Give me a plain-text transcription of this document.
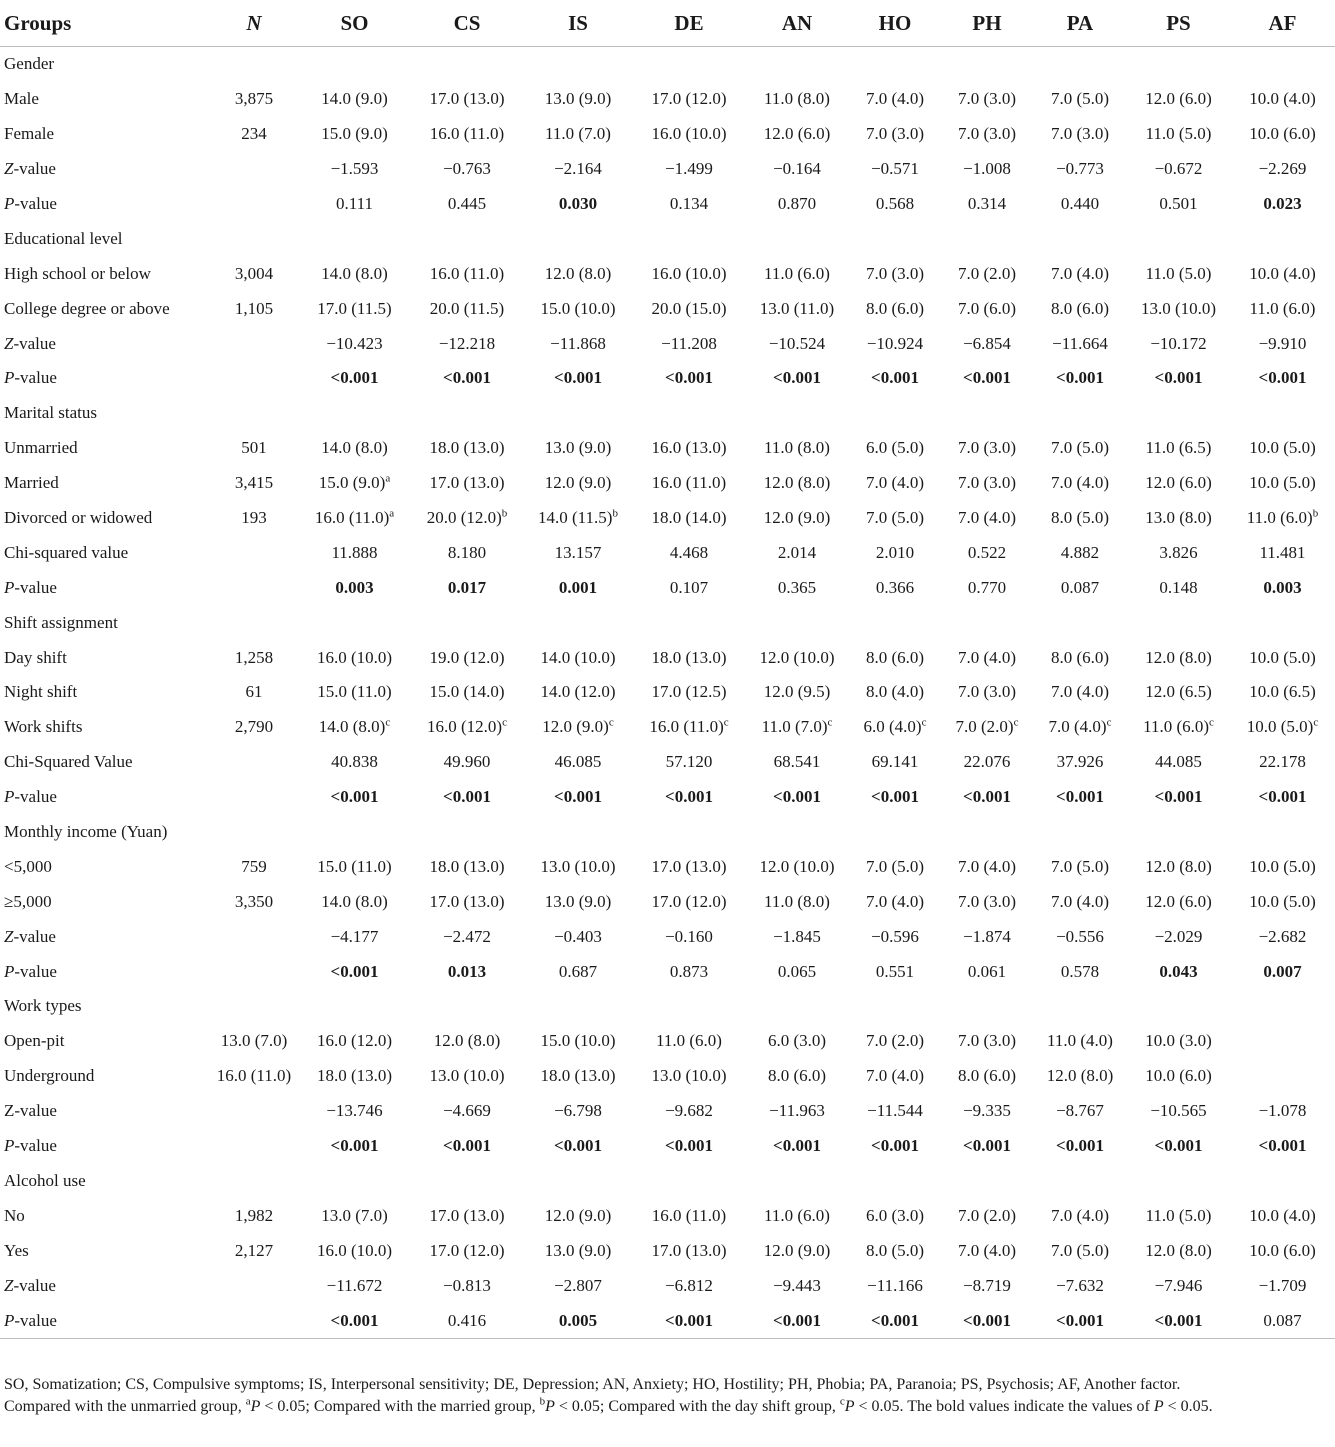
Groups	N	SO	CS	IS	DE	AN	HO	PH	PA	PS	AF
Gender											
Male	3,875	14.0 (9.0)	17.0 (13.0)	13.0 (9.0)	17.0 (12.0)	11.0 (8.0)	7.0 (4.0)	7.0 (3.0)	7.0 (5.0)	12.0 (6.0)	10.0 (4.0)
Female	234	15.0 (9.0)	16.0 (11.0)	11.0 (7.0)	16.0 (10.0)	12.0 (6.0)	7.0 (3.0)	7.0 (3.0)	7.0 (3.0)	11.0 (5.0)	10.0 (6.0)
Z-value		−1.593	−0.763	−2.164	−1.499	−0.164	−0.571	−1.008	−0.773	−0.672	−2.269
P-value		0.111	0.445	0.030	0.134	0.870	0.568	0.314	0.440	0.501	0.023
Educational level											
High school or below	3,004	14.0 (8.0)	16.0 (11.0)	12.0 (8.0)	16.0 (10.0)	11.0 (6.0)	7.0 (3.0)	7.0 (2.0)	7.0 (4.0)	11.0 (5.0)	10.0 (4.0)
College degree or above	1,105	17.0 (11.5)	20.0 (11.5)	15.0 (10.0)	20.0 (15.0)	13.0 (11.0)	8.0 (6.0)	7.0 (6.0)	8.0 (6.0)	13.0 (10.0)	11.0 (6.0)
Z-value		−10.423	−12.218	−11.868	−11.208	−10.524	−10.924	−6.854	−11.664	−10.172	−9.910
P-value		<0.001	<0.001	<0.001	<0.001	<0.001	<0.001	<0.001	<0.001	<0.001	<0.001
Marital status											
Unmarried	501	14.0 (8.0)	18.0 (13.0)	13.0 (9.0)	16.0 (13.0)	11.0 (8.0)	6.0 (5.0)	7.0 (3.0)	7.0 (5.0)	11.0 (6.5)	10.0 (5.0)
Married	3,415	15.0 $(9.0)^a$	17.0 (13.0)	12.0 (9.0)	16.0 (11.0)	12.0 (8.0)	7.0 (4.0)	7.0 (3.0)	7.0 (4.0)	12.0 (6.0)	10.0 (5.0)
Divorced or widowed	193	16.0 $(11.0)^a$	20.0 $(12.0)^b$	14.0 $(11.5)^b$	18.0 (14.0)	12.0 (9.0)	7.0 (5.0)	7.0 (4.0)	8.0 (5.0)	13.0 (8.0)	11.0 $(6.0)^b$
Chi-squared value		11.888	8.180	13.157	4.468	2.014	2.010	0.522	4.882	3.826	11.481
P-value		0.003	0.017	0.001	0.107	0.365	0.366	0.770	0.087	0.148	0.003
Shift assignment											
Day shift	1,258	16.0 (10.0)	19.0 (12.0)	14.0 (10.0)	18.0 (13.0)	12.0 (10.0)	8.0 (6.0)	7.0 (4.0)	8.0 (6.0)	12.0 (8.0)	10.0 (5.0)
Night shift	61	15.0 (11.0)	15.0 (14.0)	14.0 (12.0)	17.0 (12.5)	12.0 (9.5)	8.0 (4.0)	7.0 (3.0)	7.0 (4.0)	12.0 (6.5)	10.0 (6.5)
Work shifts	2,790	14.0 $(8.0)^c$	16.0 $(12.0)^c$	12.0 $(9.0)^c$	16.0 $(11.0)^c$	11.0 $(7.0)^c$	6.0 $(4.0)^c$	7.0 $(2.0)^c$	7.0 $(4.0)^c$	11.0 $(6.0)^c$	10.0 $(5.0)^c$
Chi-Squared Value		40.838	49.960	46.085	57.120	68.541	69.141	22.076	37.926	44.085	22.178
P-value		<0.001	<0.001	<0.001	<0.001	<0.001	<0.001	<0.001	<0.001	<0.001	<0.001
Monthly income (Yuan)											
<5,000	759	15.0 (11.0)	18.0 (13.0)	13.0 (10.0)	17.0 (13.0)	12.0 (10.0)	7.0 (5.0)	7.0 (4.0)	7.0 (5.0)	12.0 (8.0)	10.0 (5.0)
≥5,000	3,350	14.0 (8.0)	17.0 (13.0)	13.0 (9.0)	17.0 (12.0)	11.0 (8.0)	7.0 (4.0)	7.0 (3.0)	7.0 (4.0)	12.0 (6.0)	10.0 (5.0)
Z-value		−4.177	−2.472	−0.403	−0.160	−1.845	−0.596	−1.874	−0.556	−2.029	−2.682
P-value		<0.001	0.013	0.687	0.873	0.065	0.551	0.061	0.578	0.043	0.007
Work types											
Open-pit	13.0 (7.0)	16.0 (12.0)	12.0 (8.0)	15.0 (10.0)	11.0 (6.0)	6.0 (3.0)	7.0 (2.0)	7.0 (3.0)	11.0 (4.0)	10.0 (3.0)	
Underground	16.0 (11.0)	18.0 (13.0)	13.0 (10.0)	18.0 (13.0)	13.0 (10.0)	8.0 (6.0)	7.0 (4.0)	8.0 (6.0)	12.0 (8.0)	10.0 (6.0)	
Z-value		−13.746	−4.669	−6.798	−9.682	−11.963	−11.544	−9.335	−8.767	−10.565	−1.078
P-value		<0.001	<0.001	<0.001	<0.001	<0.001	<0.001	<0.001	<0.001	<0.001	<0.001
Alcohol use											
No	1,982	13.0 (7.0)	17.0 (13.0)	12.0 (9.0)	16.0 (11.0)	11.0 (6.0)	6.0 (3.0)	7.0 (2.0)	7.0 (4.0)	11.0 (5.0)	10.0 (4.0)
Yes	2,127	16.0 (10.0)	17.0 (12.0)	13.0 (9.0)	17.0 (13.0)	12.0 (9.0)	8.0 (5.0)	7.0 (4.0)	7.0 (5.0)	12.0 (8.0)	10.0 (6.0)
Z-value		−11.672	−0.813	−2.807	−6.812	−9.443	−11.166	−8.719	−7.632	−7.946	−1.709
P-value		<0.001	0.416	0.005	<0.001	<0.001	<0.001	<0.001	<0.001	<0.001	0.087

SO, Somatization; CS, Compulsive symptoms; IS, Interpersonal sensitivity; DE, Depression; AN, Anxiety; HO, Hostility; PH, Phobia; PA, Paranoia; PS, Psychosis; AF, Another factor.

Compared with the unmarried group, $^a$P < 0.05; Compared with the married group, $^b$P < 0.05; Compared with the day shift group, $^c$P < 0.05. The bold values indicate the values of P < 0.05.
